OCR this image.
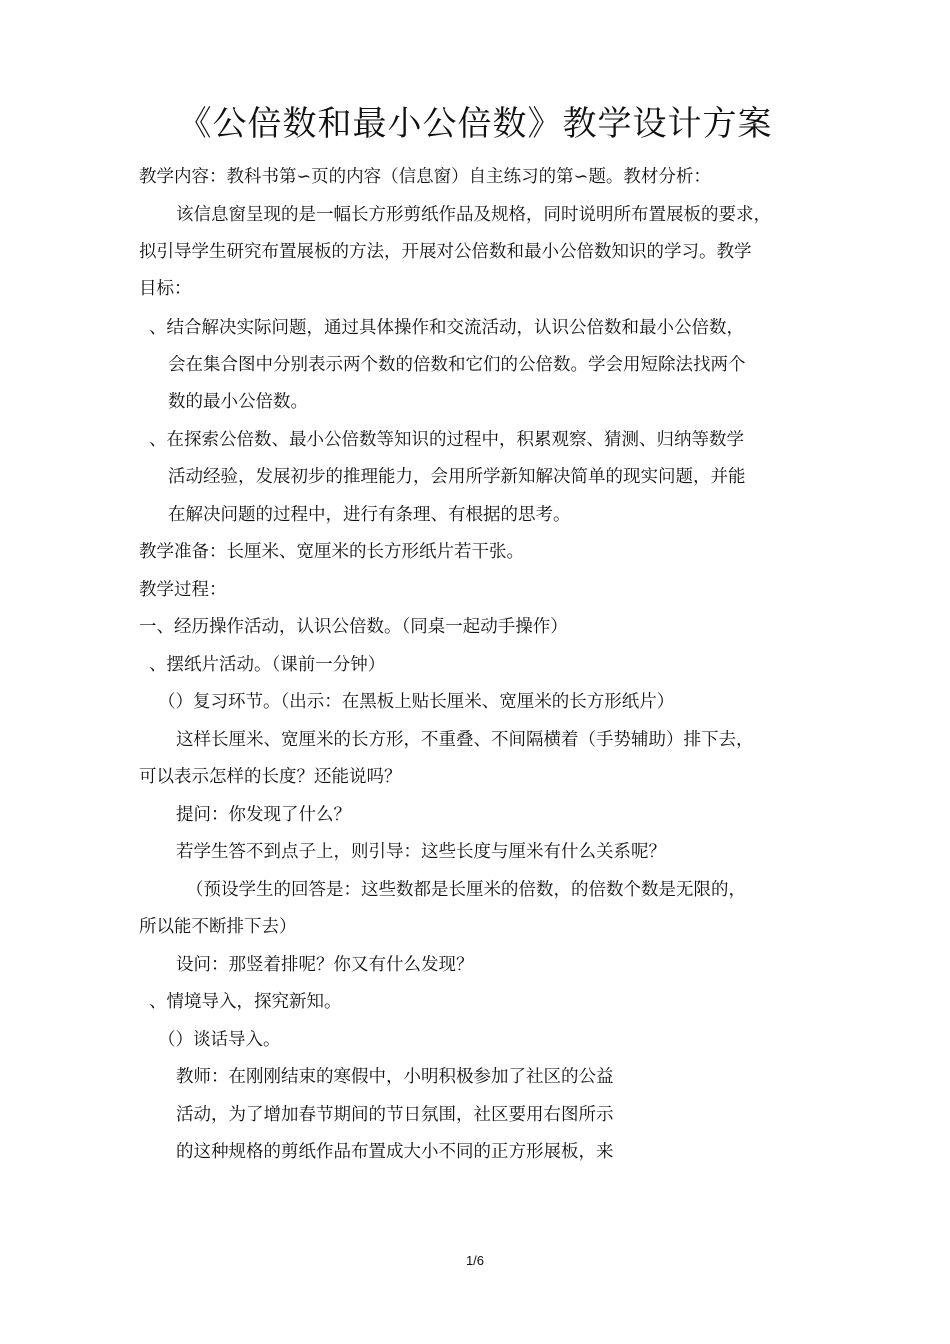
《公倍数和最小公倍数》教学设计方案
教学内容：教科书第∽页的内容（信息窗）自主练习的第∽题。教材分析：
该信息窗呈现的是一幅长方形剪纸作品及规格，同时说明所布置展板的要求，
拟引导学生研究布置展板的方法，开展对公倍数和最小公倍数知识的学习。教学
目标：
、结合解决实际问题，通过具体操作和交流活动，认识公倍数和最小公倍数，
会在集合图中分别表示两个数的倍数和它们的公倍数。学会用短除法找两个
数的最小公倍数。
、在探索公倍数、最小公倍数等知识的过程中，积累观察、猜测、归纳等数学
活动经验，发展初步的推理能力，会用所学新知解决简单的现实问题，并能
在解决问题的过程中，进行有条理、有根据的思考。
教学准备：长厘米、宽厘米的长方形纸片若干张。
教学过程：
一、经历操作活动，认识公倍数。（同桌一起动手操作）
、摆纸片活动。（课前一分钟）
（）复习环节。（出示：在黑板上贴长厘米、宽厘米的长方形纸片）
这样长厘米、宽厘米的长方形，不重叠、不间隔横着（手势辅助）排下去，
可以表示怎样的长度？还能说吗？
提问：你发现了什么？
若学生答不到点子上，则引导：这些长度与厘米有什么关系呢？
（预设学生的回答是：这些数都是长厘米的倍数，的倍数个数是无限的，
所以能不断排下去）
设问：那竖着排呢？你又有什么发现？
、情境导入，探究新知。
（）谈话导入。
教师：在刚刚结束的寒假中，小明积极参加了社区的公益
活动，为了增加春节期间的节日氛围，社区要用右图所示
的这种规格的剪纸作品布置成大小不同的正方形展板，来
1/6
